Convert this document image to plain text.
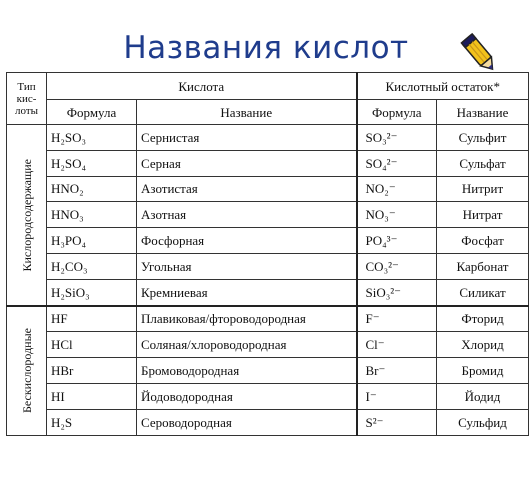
Названия кислот
Тип кис-лоты	Кислота		Кислотный остаток*	
	Формула	Название	Формула	Название

Кислородсодержащие	H₂SO₃	Сернистая	SO₃²⁻	Сульфит
	H₂SO₄	Серная	SO₄²⁻	Сульфат
	HNO₂	Азотистая	NO₂⁻	Нитрит
	HNO₃	Азотная	NO₃⁻	Нитрат
	H₃PO₄	Фосфорная	PO₄³⁻	Фосфат
	H₂CO₃	Угольная	CO₃²⁻	Карбонат
	H₂SiO₃	Кремниевая	SiO₃²⁻	Силикат

Бескислородные	HF	Плавиковая/фтороводородная	F⁻	Фторид
	HCl	Соляная/хлороводородная	Cl⁻	Хлорид
	HBr	Бромоводородная	Br⁻	Бромид
	HI	Йодоводородная	I⁻	Йодид
	H₂S	Сероводородная	S²⁻	Сульфид
